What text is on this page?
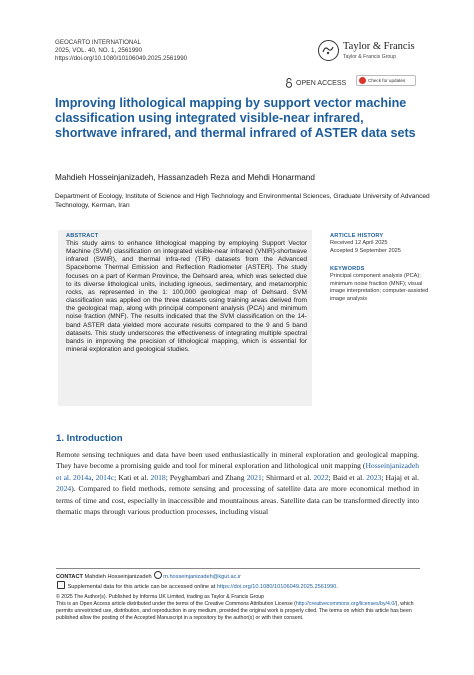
GEOCARTO INTERNATIONAL
2025, VOL. 40, NO. 1, 2561990
https://doi.org/10.1080/10106049.2025.2561990
Taylor & Francis
Taylor & Francis Group
OPEN ACCESS	Check for updates
Improving lithological mapping by support vector machine classification using integrated visible-near infrared, shortwave infrared, and thermal infrared of ASTER data sets
Mahdieh Hosseinjanizadeh, Hassanzadeh Reza and Mehdi Honarmand
Department of Ecology, Institute of Science and High Technology and Environmental Sciences, Graduate University of Advanced Technology, Kerman, Iran
ABSTRACT
This study aims to enhance lithological mapping by employing Support Vector Machine (SVM) classification on integrated visible-near infrared (VNIR)-shortwave infrared (SWIR), and thermal infra-red (TIR) datasets from the Advanced Spaceborne Thermal Emission and Reflection Radiometer (ASTER). The study focuses on a part of Kerman Province, the Dehsard area, which was selected due to its diverse lithological units, including igneous, sedimentary, and metamorphic rocks, as represented in the 1: 100,000 geological map of Dehsard. SVM classification was applied on the three datasets using training areas derived from the geological map, along with principal component analysis (PCA) and minimum noise fraction (MNF). The results indicated that the SVM classification on the 14-band ASTER data yielded more accurate results compared to the 9 and 5 band datasets. This study underscores the effectiveness of integrating multiple spectral bands in improving the precision of lithological mapping, which is essential for mineral exploration and geological studies.
ARTICLE HISTORY
Received 12 April 2025
Accepted 9 September 2025
KEYWORDS
Principal component analysis (PCA); minimum noise fraction (MNF); visual image interpretation; computer-assisted image analysis
1. Introduction
Remote sensing techniques and data have been used enthusiastically in mineral exploration and geological mapping. They have become a promising guide and tool for mineral exploration and lithological unit mapping (Hosseinjanizadeh et al. 2014a, 2014c; Kati et al. 2018; Peyghambari and Zhang 2021; Shirmard et al. 2022; Baid et al. 2023; Hajaj et al. 2024). Compared to field methods, remote sensing and processing of satellite data are more economical method in terms of time and cost, especially in inaccessible and mountainous areas. Satellite data can be transformed directly into thematic maps through various production processes, including visual
CONTACT Mahdieh Hosseinjanizadeh m.hosseinjanizadeh@kgut.ac.ir
Supplemental data for this article can be accessed online at https://doi.org/10.1080/10106049.2025.2561990.
© 2025 The Author(s). Published by Informa UK Limited, trading as Taylor & Francis Group
This is an Open Access article distributed under the terms of the Creative Commons Attribution License (http://creativecommons.org/licenses/by/4.0/), which permits unrestricted use, distribution, and reproduction in any medium, provided the original work is properly cited. The terms on which this article has been published allow the posting of the Accepted Manuscript in a repository by the author(s) or with their consent.
